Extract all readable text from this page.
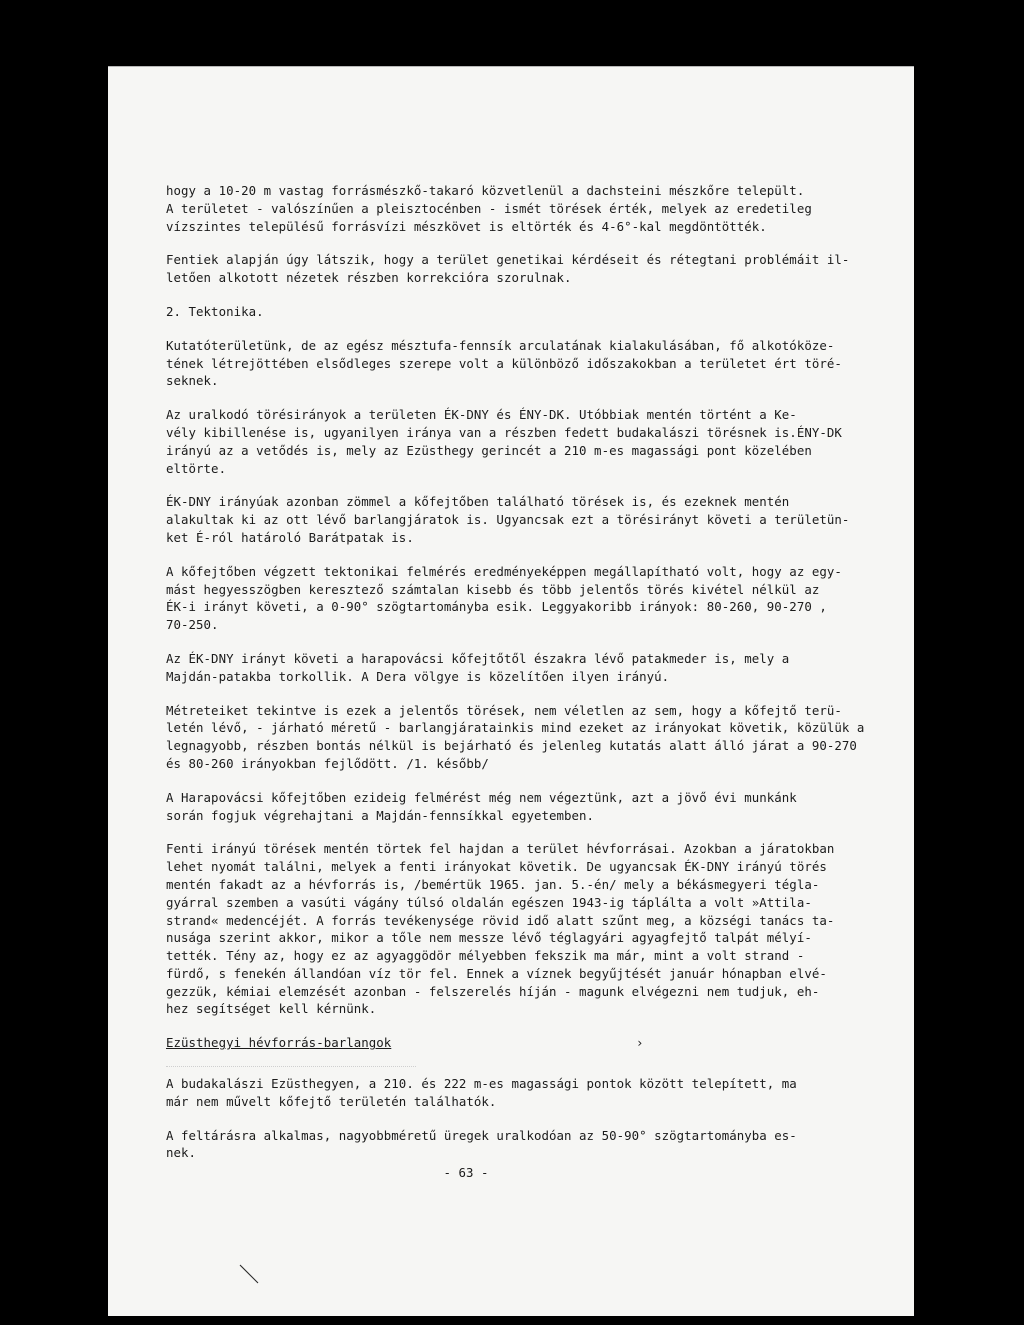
hogy a 10-20 m vastag forrásmészkő-takaró közvetlenül a dachsteini mészkőre települt.
A területet - valószínűen a pleisztocénben - ismét törések érték, melyek az eredetileg
vízszintes településű forrásvízi mészkövet is eltörték és 4-6°-kal megdöntötték.

Fentiek alapján úgy látszik, hogy a terület genetikai kérdéseit és rétegtani problémáit il-
letően alkotott nézetek részben korrekcióra szorulnak.

2. Tektonika.

Kutatóterületünk, de az egész mésztufa-fennsík arculatának kialakulásában, fő alkotóköze-
tének létrejöttében elsődleges szerepe volt a különböző időszakokban a területet ért töré-
seknek.

Az uralkodó törésirányok a területen ÉK-DNY és ÉNY-DK. Utóbbiak mentén történt a Ke-
vély kibillenése is, ugyanilyen iránya van a részben fedett budakalászi törésnek is.ÉNY-DK
irányú az a vetődés is, mely az Ezüsthegy gerincét a 210 m-es magassági pont közelében
eltörte.

ÉK-DNY irányúak azonban zömmel a kőfejtőben található törések is, és ezeknek mentén
alakultak ki az ott lévő barlangjáratok is. Ugyancsak ezt a törésirányt követi a területün-
ket É-ról határoló Barátpatak is.

A kőfejtőben végzett tektonikai felmérés eredményeképpen megállapítható volt, hogy az egy-
mást hegyesszögben keresztező számtalan kisebb és több jelentős törés kivétel nélkül az
ÉK-i irányt követi, a 0-90° szögtartományba esik. Leggyakoribb irányok: 80-260, 90-270 ,
70-250.

Az ÉK-DNY irányt követi a harapovácsi kőfejtőtől északra lévő patakmeder is, mely a
Majdán-patakba torkollik. A Dera völgye is közelítően ilyen irányú.

Métreteiket tekintve is ezek a jelentős törések, nem véletlen az sem, hogy a kőfejtő terü-
letén lévő, - járható méretű - barlangjáratainkis mind ezeket az irányokat követik, közülük a
legnagyobb, részben bontás nélkül is bejárható és jelenleg kutatás alatt álló járat a 90-270
és 80-260 irányokban fejlődött. /1. később/

A Harapovácsi kőfejtőben ezideig felmérést még nem végeztünk, azt a jövő évi munkánk
során fogjuk végrehajtani a Majdán-fennsíkkal egyetemben.

Fenti irányú törések mentén törtek fel hajdan a terület hévforrásai. Azokban a járatokban
lehet nyomát találni, melyek a fenti irányokat követik. De ugyancsak ÉK-DNY irányú törés
mentén fakadt az a hévforrás is, /bemértük 1965. jan. 5.-én/ mely a békásmegyeri tégla-
gyárral szemben a vasúti vágány túlsó oldalán egészen 1943-ig táplálta a volt »Attila-
strand« medencéjét. A forrás tevékenysége rövid idő alatt szűnt meg, a községi tanács ta-
nusága szerint akkor, mikor a tőle nem messze lévő téglagyári agyagfejtő talpát mélyí-
tették. Tény az, hogy ez az agyaggödör mélyebben fekszik ma már, mint a volt strand -
fürdő, s fenekén állandóan víz tör fel. Ennek a víznek begyűjtését január hónapban elvé-
gezzük, kémiai elemzését azonban - felszerelés híján - magunk elvégezni nem tudjuk, eh-
hez segítséget kell kérnünk.

Ezüsthegyi hévforrás-barlangok	›

A budakalászi Ezüsthegyen, a 210. és 222 m-es magassági pontok között telepített, ma
már nem művelt kőfejtő területén találhatók.

A feltárásra alkalmas, nagyobbméretű üregek uralkodóan az 50-90° szögtartományba es-
nek.

- 63 -
